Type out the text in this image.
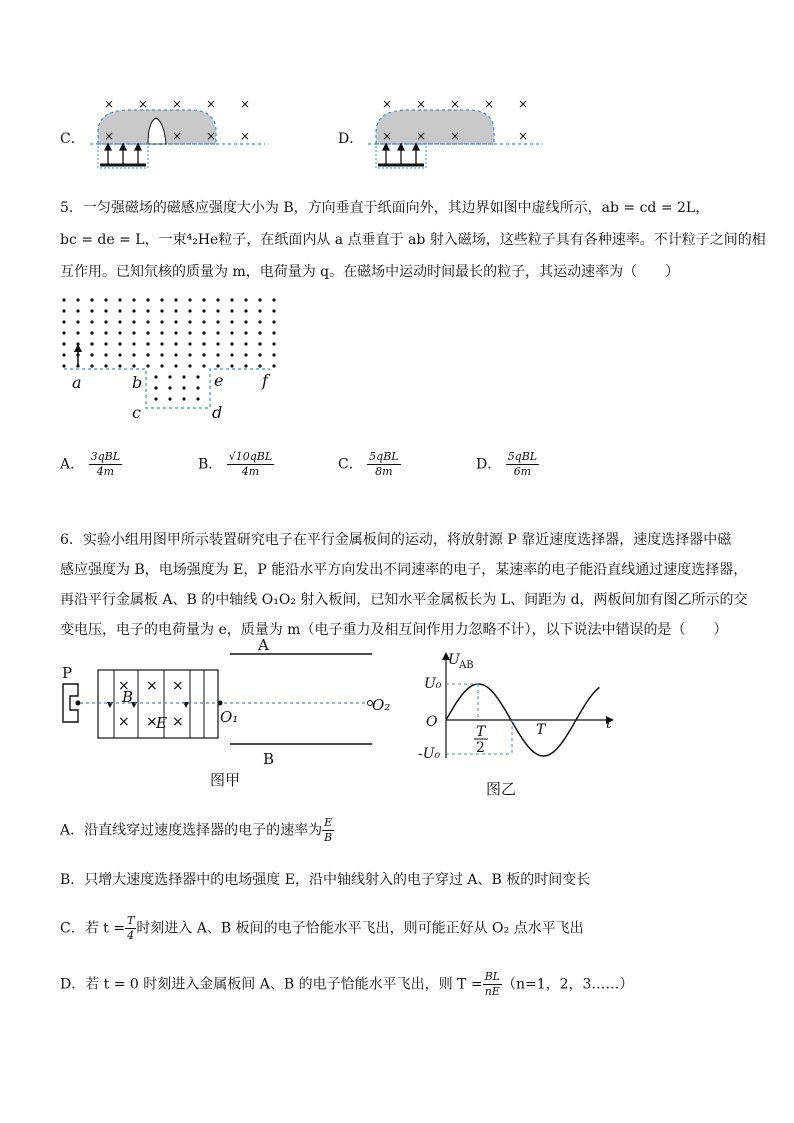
C．
× × × × ×
×	× × ×	D．
× × × × ×
× × ×	×
5．一匀强磁场的磁感应强度大小为 B，方向垂直于纸面向外，其边界如图中虚线所示，ab = cd = 2L，
bc = de = L，一束⁴₂He粒子，在纸面内从 a 点垂直于 ab 射入磁场，这些粒子具有各种速率。不计粒子之间的相
互作用。已知氘核的质量为 m，电荷量为 q。在磁场中运动时间最长的粒子，其运动速率为（　　）
a	b
c	d
e f
A． $\frac{\text{3qBL}}{4m}$	B． $\frac{\text{√10qBL}}{4m}$	C． $\frac{\text{5qBL}}{8m}$	D． $\frac{\text{5qBL}}{6m}$
6．实验小组用图甲所示装置研究电子在平行金属板间的运动，将放射源 P 靠近速度选择器，速度选择器中磁
感应强度为 B，电场强度为 E，P 能沿水平方向发出不同速率的电子，某速率的电子能沿直线通过速度选择器，
再沿平行金属板 A、B 的中轴线 O₁O₂ 射入板间，已知水平金属板长为 L、间距为 d，两板间加有图乙所示的交
变电压，电子的电荷量为 e，质量为 m（电子重力及相互间作用力忽略不计），以下说法中错误的是（　　）
A
B
P
× × ×
× × ×
B
E	O₁
O₂
图甲
U AB
U₀
O
-U₀
t
T
2
T
图乙
A．沿直线穿过速度选择器的电子的速率为 $\frac{E}{B}$
B．只增大速度选择器中的电场强度 E，沿中轴线射入的电子穿过 A、B 板的时间变长
C．若 $t = \frac{T}{4}$ 时刻进入 A、B 板间的电子恰能水平飞出，则可能正好从 O₂ 点水平飞出
D．若 t = 0 时刻进入金属板间 A、B 的电子恰能水平飞出，则 $T = \frac{BL}{nE} (n=1$，2，3……）
